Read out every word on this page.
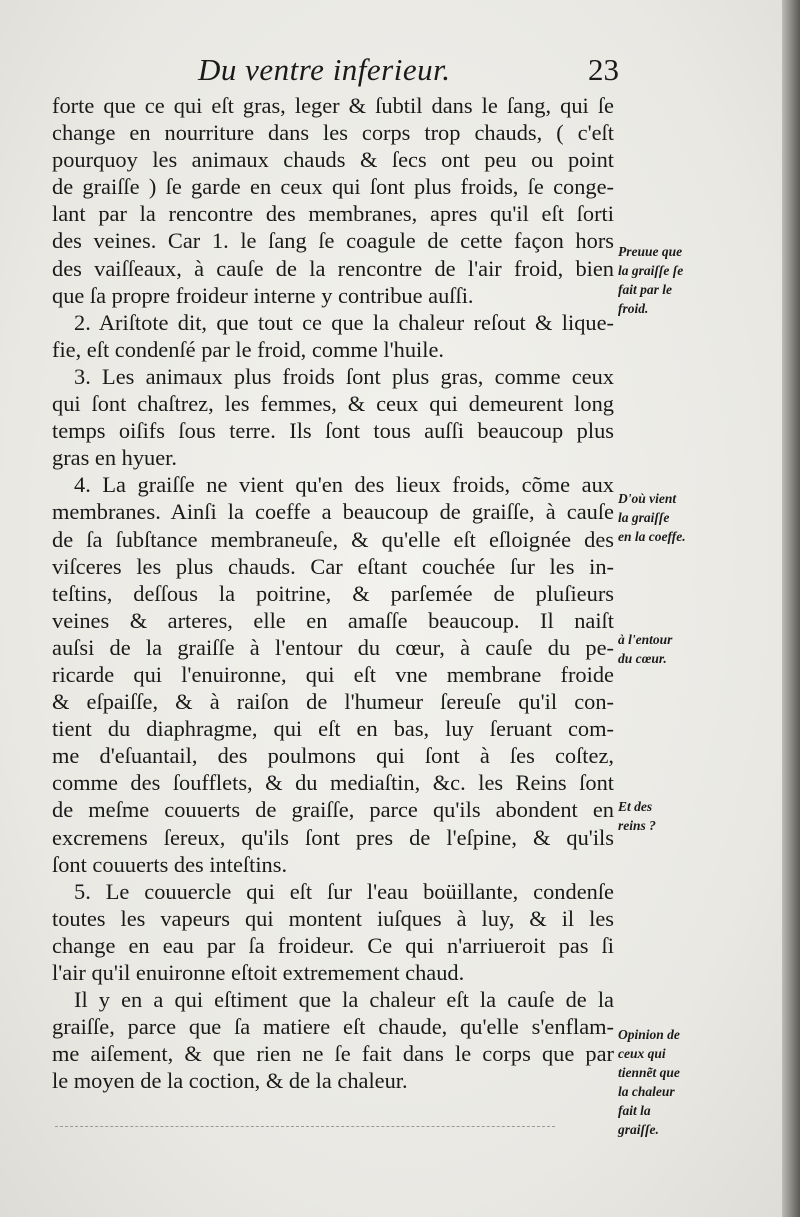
Du ventre inferieur.	23
forte que ce qui eſt gras, leger & ſubtil dans le ſang, qui ſe
change en nourriture dans les corps trop chauds, ( c'eſt
pourquoy les animaux chauds & ſecs ont peu ou point
de graiſſe ) ſe garde en ceux qui ſont plus froids, ſe conge-
lant par la rencontre des membranes, apres qu'il eſt ſorti
des veines. Car 1. le ſang ſe coagule de cette façon hors
des vaiſſeaux, à cauſe de la rencontre de l'air froid, bien
que ſa propre froideur interne y contribue auſſi.
2. Ariſtote dit, que tout ce que la chaleur reſout & lique-
fie, eſt condenſé par le froid, comme l'huile.
3. Les animaux plus froids ſont plus gras, comme ceux
qui ſont chaſtrez, les femmes, & ceux qui demeurent long
temps oiſifs ſous terre. Ils ſont tous auſſi beaucoup plus
gras en hyuer.
4. La graiſſe ne vient qu'en des lieux froids, cõme aux
membranes. Ainſi la coeffe a beaucoup de graiſſe, à cauſe
de ſa ſubſtance membraneuſe, & qu'elle eſt eſloignée des
viſceres les plus chauds. Car eſtant couchée ſur les in-
teſtins, deſſous la poitrine, & parſemée de pluſieurs
veines & arteres, elle en amaſſe beaucoup. Il naiſt
auſsi de la graiſſe à l'entour du cœur, à cauſe du pe-
ricarde qui l'enuironne, qui eſt vne membrane froide
& eſpaiſſe, & à raiſon de l'humeur ſereuſe qu'il con-
tient du diaphragme, qui eſt en bas, luy ſeruant com-
me d'eſuantail, des poulmons qui ſont à ſes coſtez,
comme des ſoufflets, & du mediaſtin, &c. les Reins ſont
de meſme couuerts de graiſſe, parce qu'ils abondent en
excremens ſereux, qu'ils ſont pres de l'eſpine, & qu'ils
ſont couuerts des inteſtins.
5. Le couuercle qui eſt ſur l'eau boüillante, condenſe
toutes les vapeurs qui montent iuſques à luy, & il les
change en eau par ſa froideur. Ce qui n'arriueroit pas ſi
l'air qu'il enuironne eſtoit extremement chaud.
Il y en a qui eſtiment que la chaleur eſt la cauſe de la
graiſſe, parce que ſa matiere eſt chaude, qu'elle s'enflam-
me aiſement, & que rien ne ſe fait dans le corps que par
le moyen de la coction, & de la chaleur.
Preuue que
la graiſſe ſe
fait par le
froid.
D'où vient
la graiſſe
en la coeffe.
à l'entour
du cœur.
Et des
reins ?
Opinion de
ceux qui
tiennẽt que
la chaleur
fait la
graiſſe.
